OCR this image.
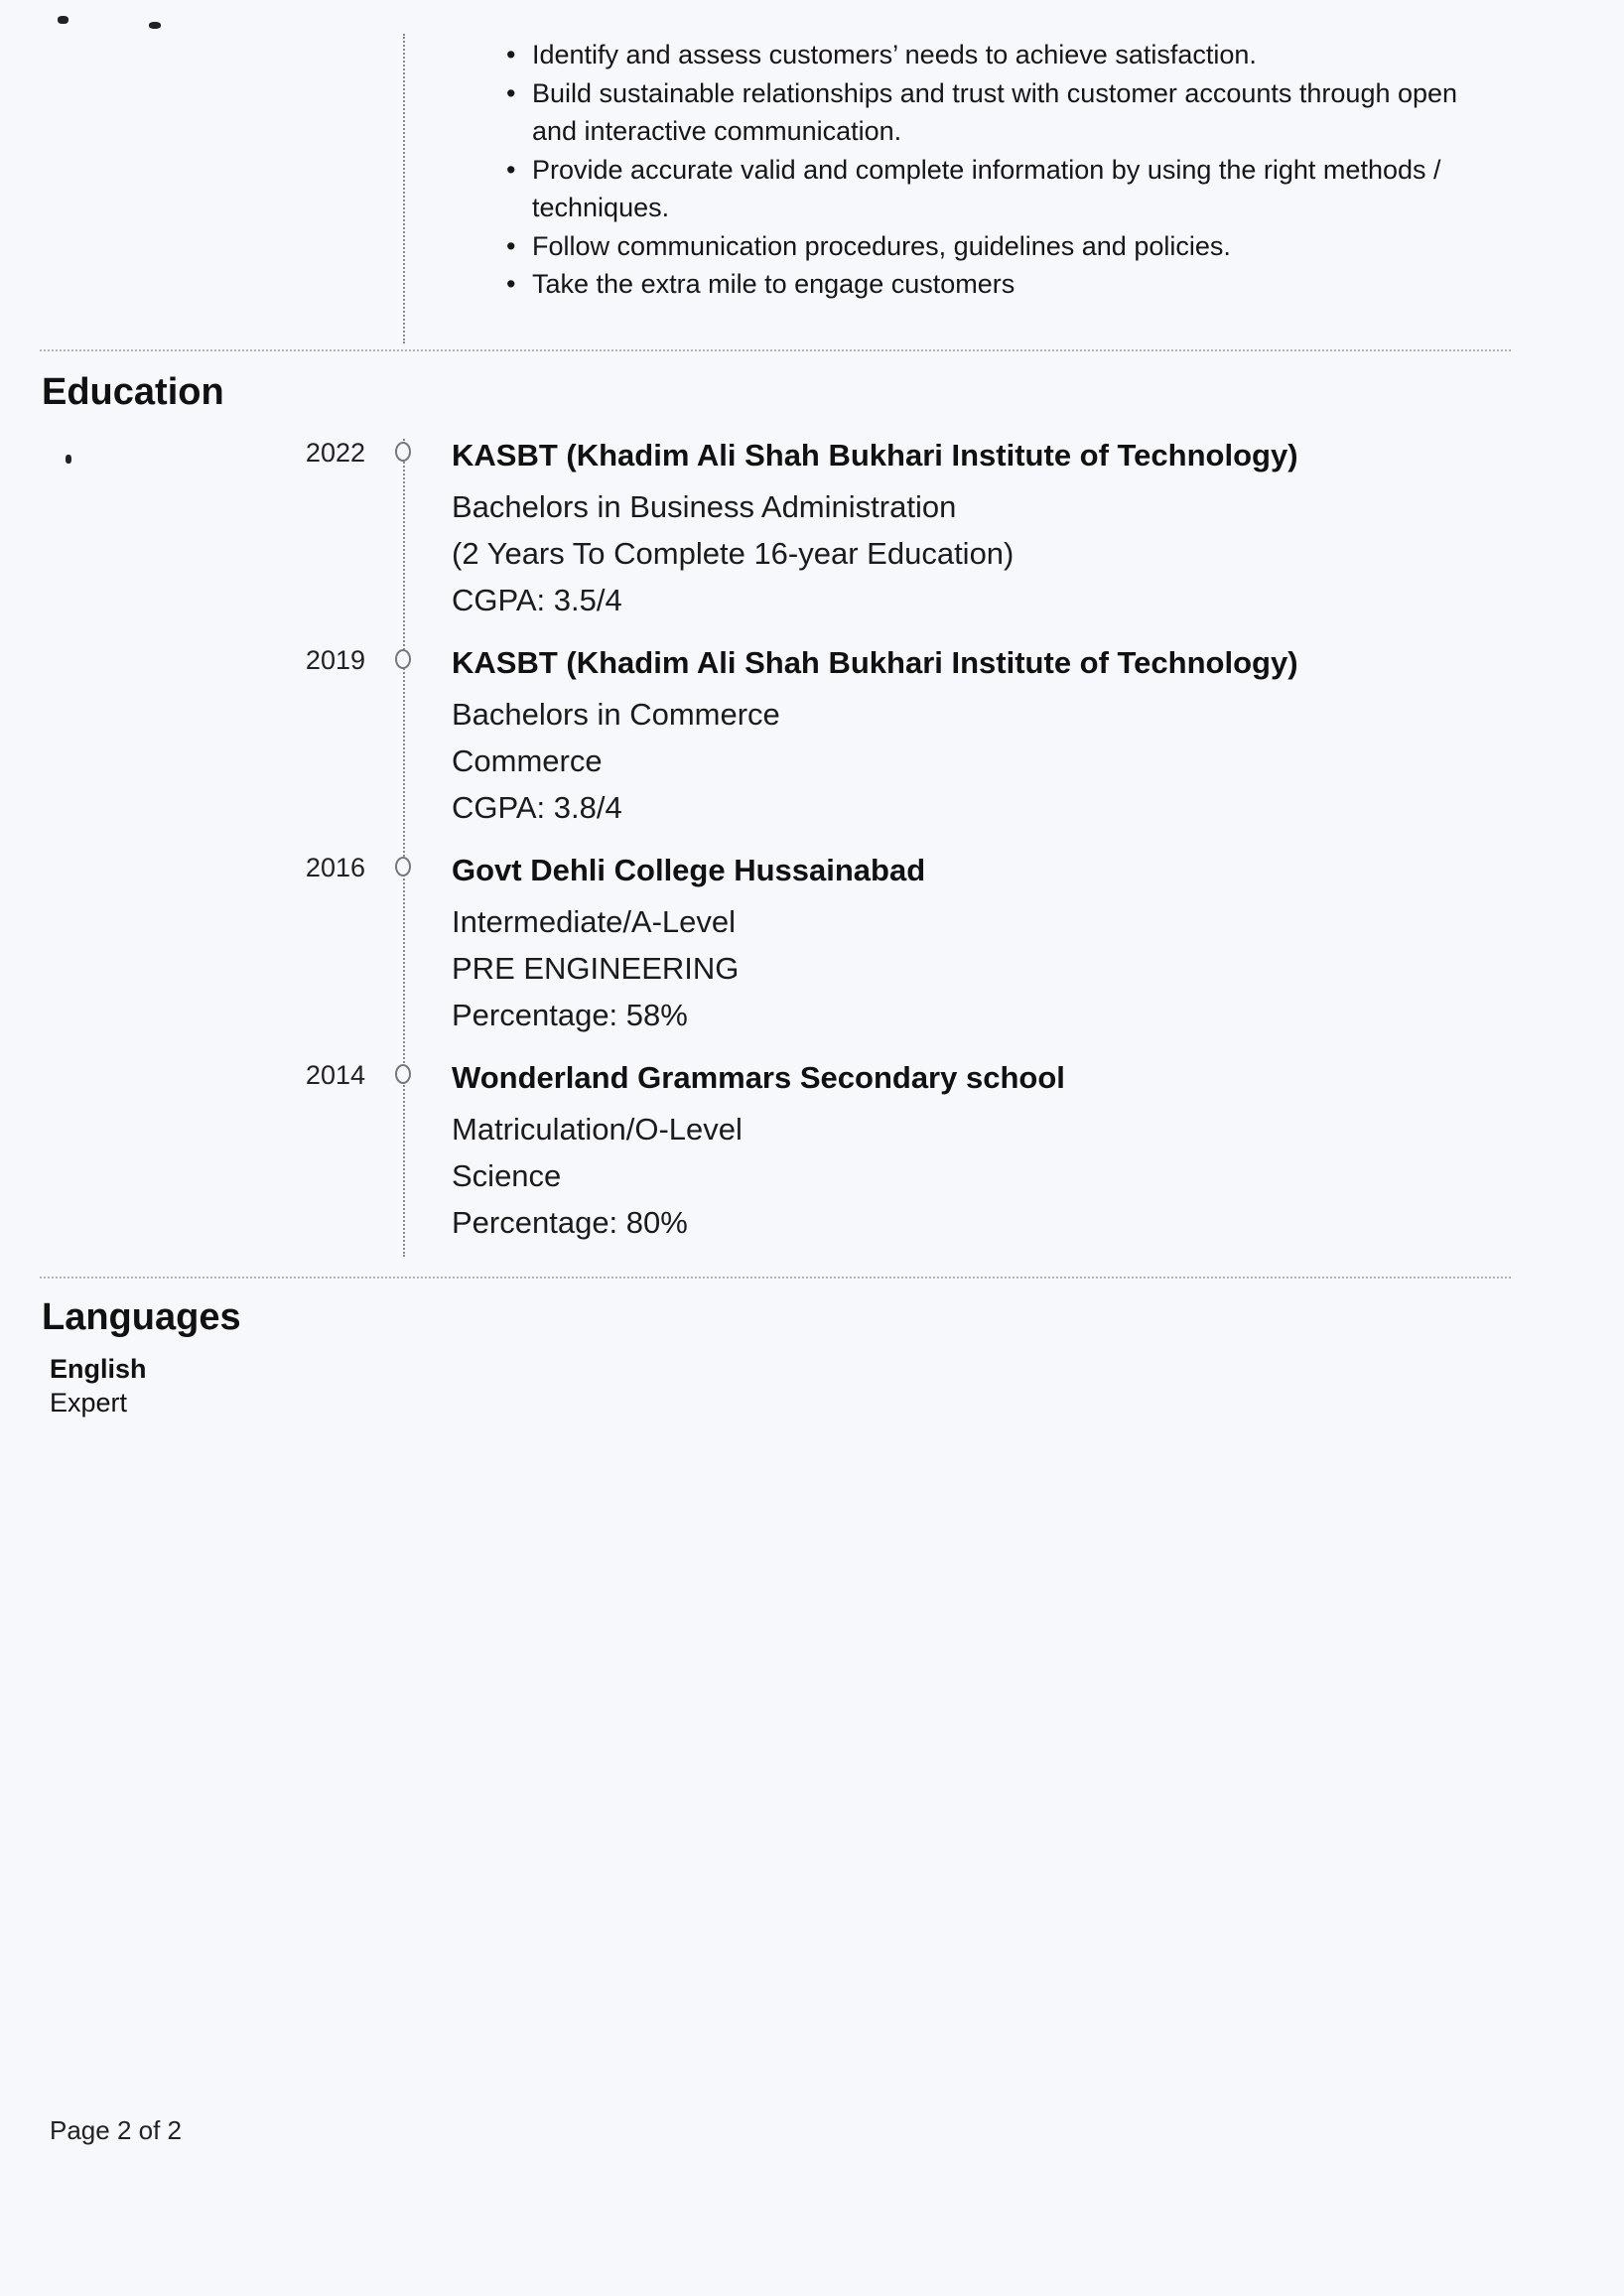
• Identify and assess customers’ needs to achieve satisfaction.
• Build sustainable relationships and trust with customer accounts through open and interactive communication.
• Provide accurate valid and complete information by using the right methods / techniques.
• Follow communication procedures, guidelines and policies.
• Take the extra mile to engage customers
Education
2022	KASBT (Khadim Ali Shah Bukhari Institute of Technology)
Bachelors in Business Administration
(2 Years To Complete 16-year Education)
CGPA: 3.5/4
2019	KASBT (Khadim Ali Shah Bukhari Institute of Technology)
Bachelors in Commerce
Commerce
CGPA: 3.8/4
2016	Govt Dehli College Hussainabad
Intermediate/A-Level
PRE ENGINEERING
Percentage: 58%
2014	Wonderland Grammars Secondary school
Matriculation/O-Level
Science
Percentage: 80%
Languages
English
Expert
Page 2 of 2
